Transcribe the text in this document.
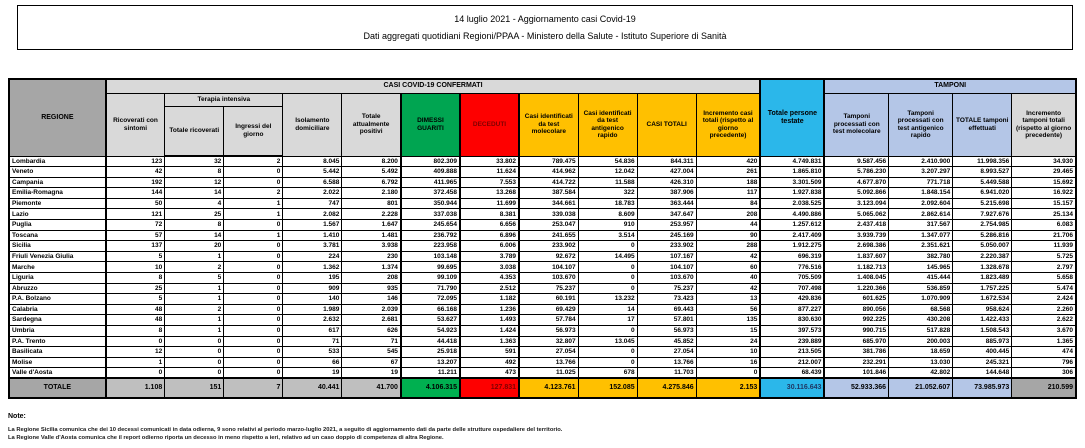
14 luglio 2021 - Aggiornamento casi Covid-19
Dati aggregati quotidiani Regioni/PPAA - Ministero della Salute - Istituto Superiore di Sanità
REGIONE	CASI COVID-19 CONFERMATI											Totale persone testate	TAMPONI			
	Ricoverati con sintomi	Terapia intensiva		Isolamento domiciliare	Totale attualmente positivi	DIMESSI GUARITI	DECEDUTI	Casi identificati da test molecolare	Casi identificati da test antigenico rapido	CASI TOTALI	Incremento casi totali (rispetto al giorno precedente)		Tamponi processati con test molecolare	Tamponi processati con test antigenico rapido	TOTALE tamponi effettuati	Incremento tamponi totali (rispetto al giorno precedente)
		Totale ricoverati	Ingressi del giorno													
Lombardia	123	32	2	8.045	8.200	802.309	33.802	789.475	54.836	844.311	420	4.749.831	9.587.456	2.410.900	11.998.356	34.930
Veneto	42	8	0	5.442	5.492	409.888	11.624	414.962	12.042	427.004	261	1.865.810	5.786.230	3.207.297	8.993.527	29.465
Campania	192	12	0	6.588	6.792	411.965	7.553	414.722	11.588	426.310	188	3.301.509	4.677.870	771.718	5.449.588	15.692
Emilia-Romagna	144	14	2	2.022	2.180	372.458	13.268	387.584	322	387.906	117	1.927.838	5.092.866	1.848.154	6.941.020	16.922
Piemonte	50	4	1	747	801	350.944	11.699	344.661	18.783	363.444	84	2.038.525	3.123.094	2.092.604	5.215.698	15.157
Lazio	121	25	1	2.082	2.228	337.038	8.381	339.038	8.609	347.647	208	4.490.886	5.065.062	2.862.614	7.927.676	25.134
Puglia	72	8	0	1.567	1.647	245.654	6.656	253.047	910	253.957	44	1.257.612	2.437.418	317.567	2.754.985	6.083
Toscana	57	14	1	1.410	1.481	236.792	6.896	241.655	3.514	245.169	90	2.417.409	3.939.739	1.347.077	5.286.816	21.706
Sicilia	137	20	0	3.781	3.938	223.958	6.006	233.902	0	233.902	288	1.912.275	2.698.386	2.351.621	5.050.007	11.939
Friuli Venezia Giulia	5	1	0	224	230	103.148	3.789	92.672	14.495	107.167	42	696.319	1.837.607	382.780	2.220.387	5.725
Marche	10	2	0	1.362	1.374	99.695	3.038	104.107	0	104.107	60	776.516	1.182.713	145.965	1.328.678	2.797
Liguria	8	5	0	195	208	99.109	4.353	103.670	0	103.670	40	705.509	1.408.045	415.444	1.823.489	5.658
Abruzzo	25	1	0	909	935	71.790	2.512	75.237	0	75.237	42	707.498	1.220.366	536.859	1.757.225	5.474
P.A. Bolzano	5	1	0	140	146	72.095	1.182	60.191	13.232	73.423	13	429.836	601.625	1.070.909	1.672.534	2.424
Calabria	48	2	0	1.989	2.039	66.168	1.236	69.429	14	69.443	56	877.227	890.056	68.568	958.624	2.260
Sardegna	48	1	0	2.632	2.681	53.627	1.493	57.784	17	57.801	135	830.630	992.225	430.208	1.422.433	2.622
Umbria	8	1	0	617	626	54.923	1.424	56.973	0	56.973	15	397.573	990.715	517.828	1.508.543	3.670
P.A. Trento	0	0	0	71	71	44.418	1.363	32.807	13.045	45.852	24	239.889	685.970	200.003	885.973	1.365
Basilicata	12	0	0	533	545	25.918	591	27.054	0	27.054	10	213.505	381.786	18.659	400.445	474
Molise	1	0	0	66	67	13.207	492	13.766	0	13.766	16	212.007	232.291	13.030	245.321	796
Valle d'Aosta	0	0	0	19	19	11.211	473	11.025	678	11.703	0	68.439	101.846	42.802	144.648	306
TOTALE	1.108	151	7	40.441	41.700	4.106.315	127.831	4.123.761	152.085	4.275.846	2.153	30.116.643	52.933.366	21.052.607	73.985.973	210.599
Note:
La Regione Sicilia comunica che dei 10 decessi comunicati in data odierna, 9 sono relativi al periodo marzo-luglio 2021, a seguito di aggiornamento dati da parte delle strutture ospedaliere del territorio.
La Regione Valle d'Aosta comunica che il report odierno riporta un decesso in meno rispetto a ieri, relativo ad un caso doppio di competenza di altra Regione.
